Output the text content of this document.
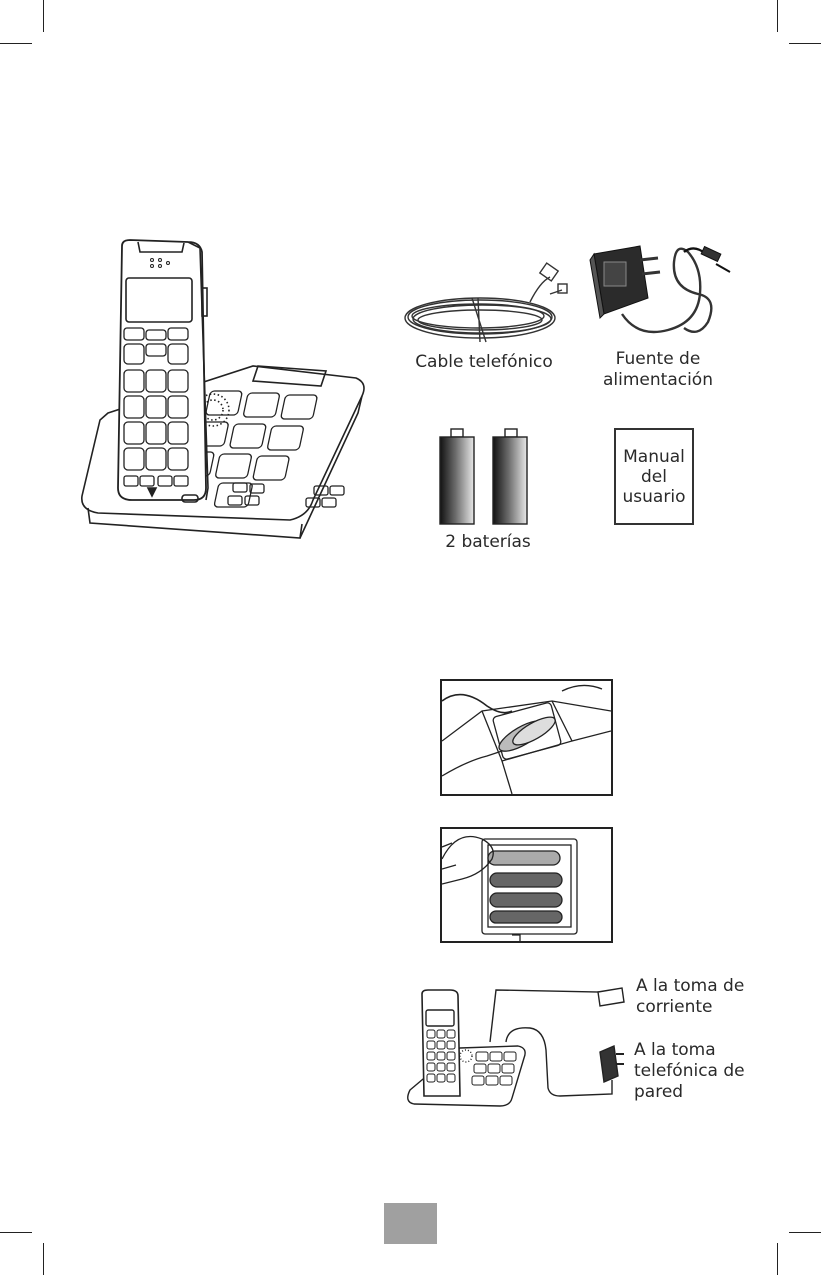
Cable telefónico	Fuente de
alimentación
2 baterías
Manual
del
usuario
A la toma de
corriente
A la toma
telefónica de
pared
